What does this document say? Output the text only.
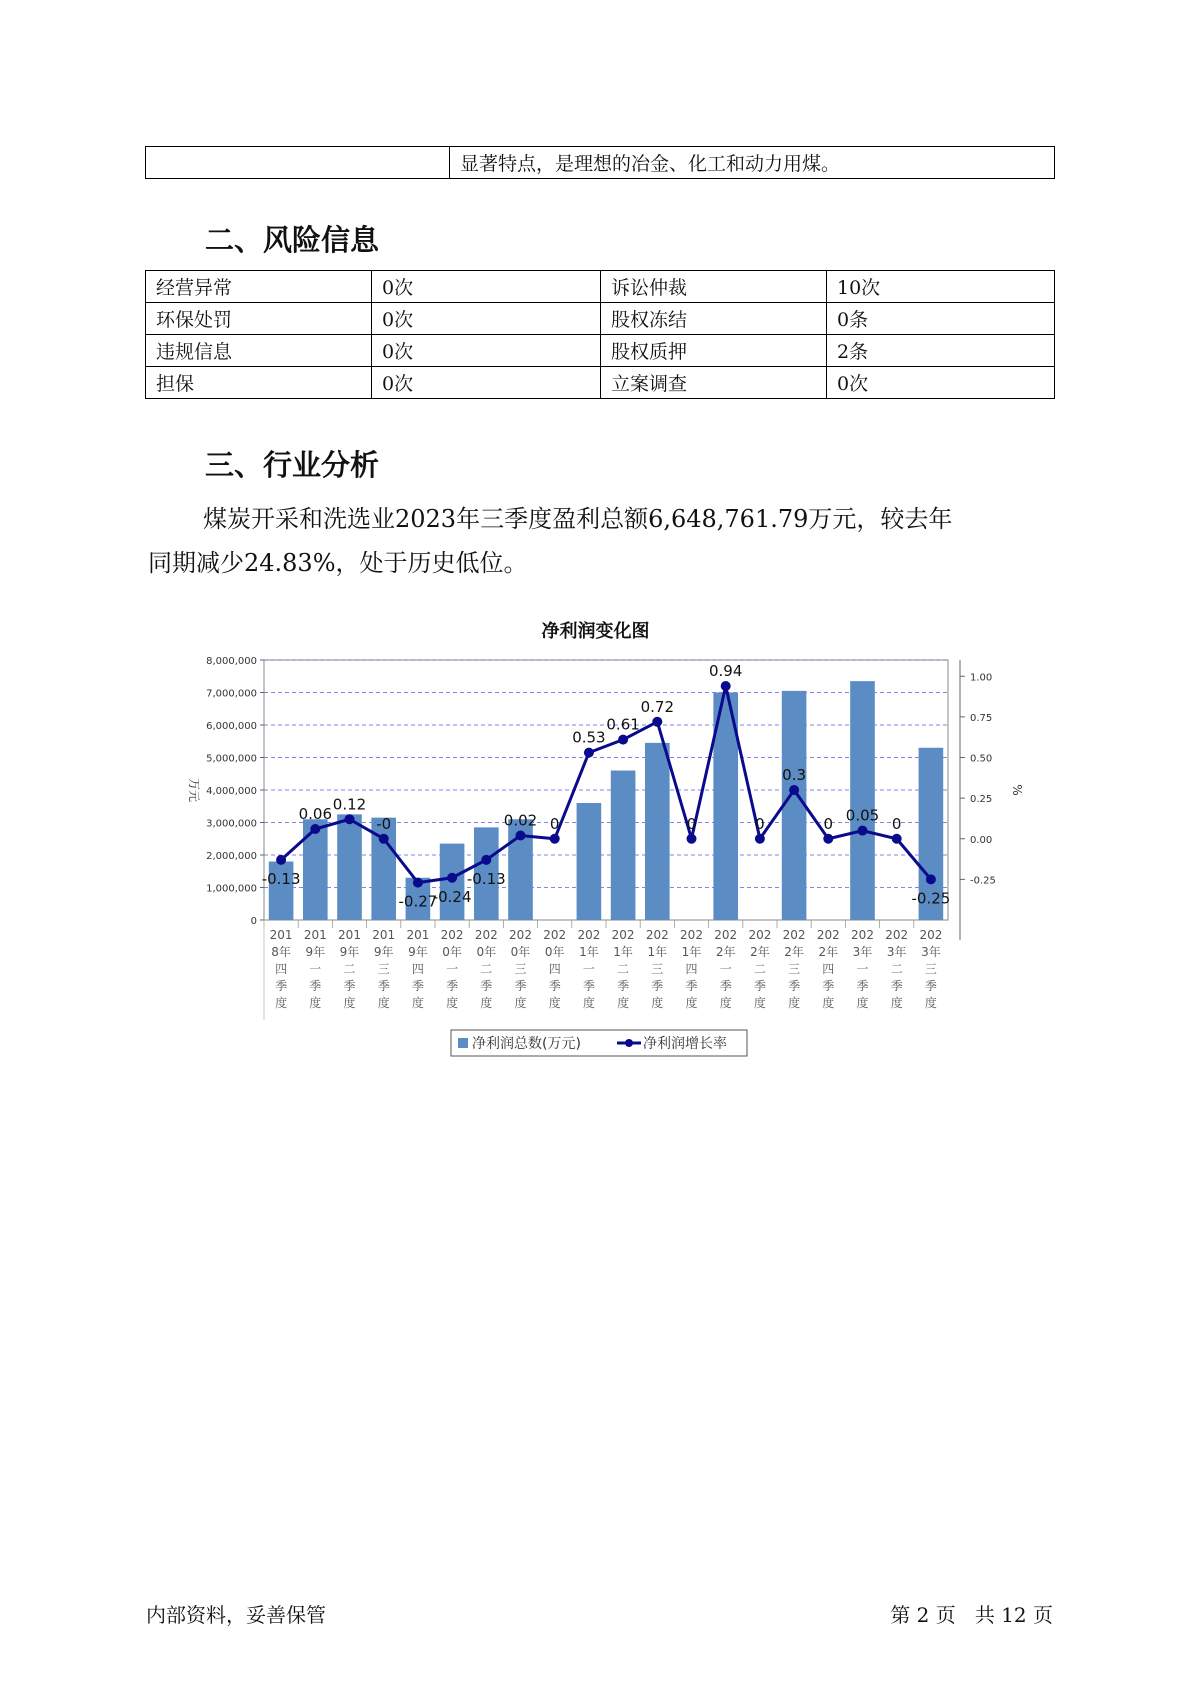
	显著特点，是理想的冶金、化工和动力用煤。
二、风险信息
经营异常	0次	诉讼仲裁	10次
环保处罚	0次	股权冻结	0条
违规信息	0次	股权质押	2条
担保	0次	立案调查	0次
三、行业分析
煤炭开采和洗选业2023年三季度盈利总额6,648,761.79万元，较去年
同期减少24.83%，处于历史低位。
净利润变化图
0
1,000,000
2,000,000
3,000,000
4,000,000
5,000,000
6,000,000
7,000,000
8,000,000
-0.25
0.00
0.25
0.50
0.75
1.00
万元	%
201 8年四季度
201 9年一季度
201 9年二季度
201 9年三季度
201 9年四季度
202 0年一季度
202 0年二季度
202 0年三季度
202 0年四季度
202 1年一季度
202 1年二季度
202 1年三季度
202 1年四季度
202 2年一季度
202 2年二季度
202 2年三季度
202 2年四季度
202 3年一季度
202 3年二季度
202 3年三季度
-0.13
0.06
0.12
-0
-0.27
-0.24
-0.13
0.02 0
0.53
0.61
0.72
0
0.94
0
0.3
0 0.05 0
-0.25
净利润总数(万元)	净利润增长率
内部资料，妥善保管	第 2 页   共 12 页
